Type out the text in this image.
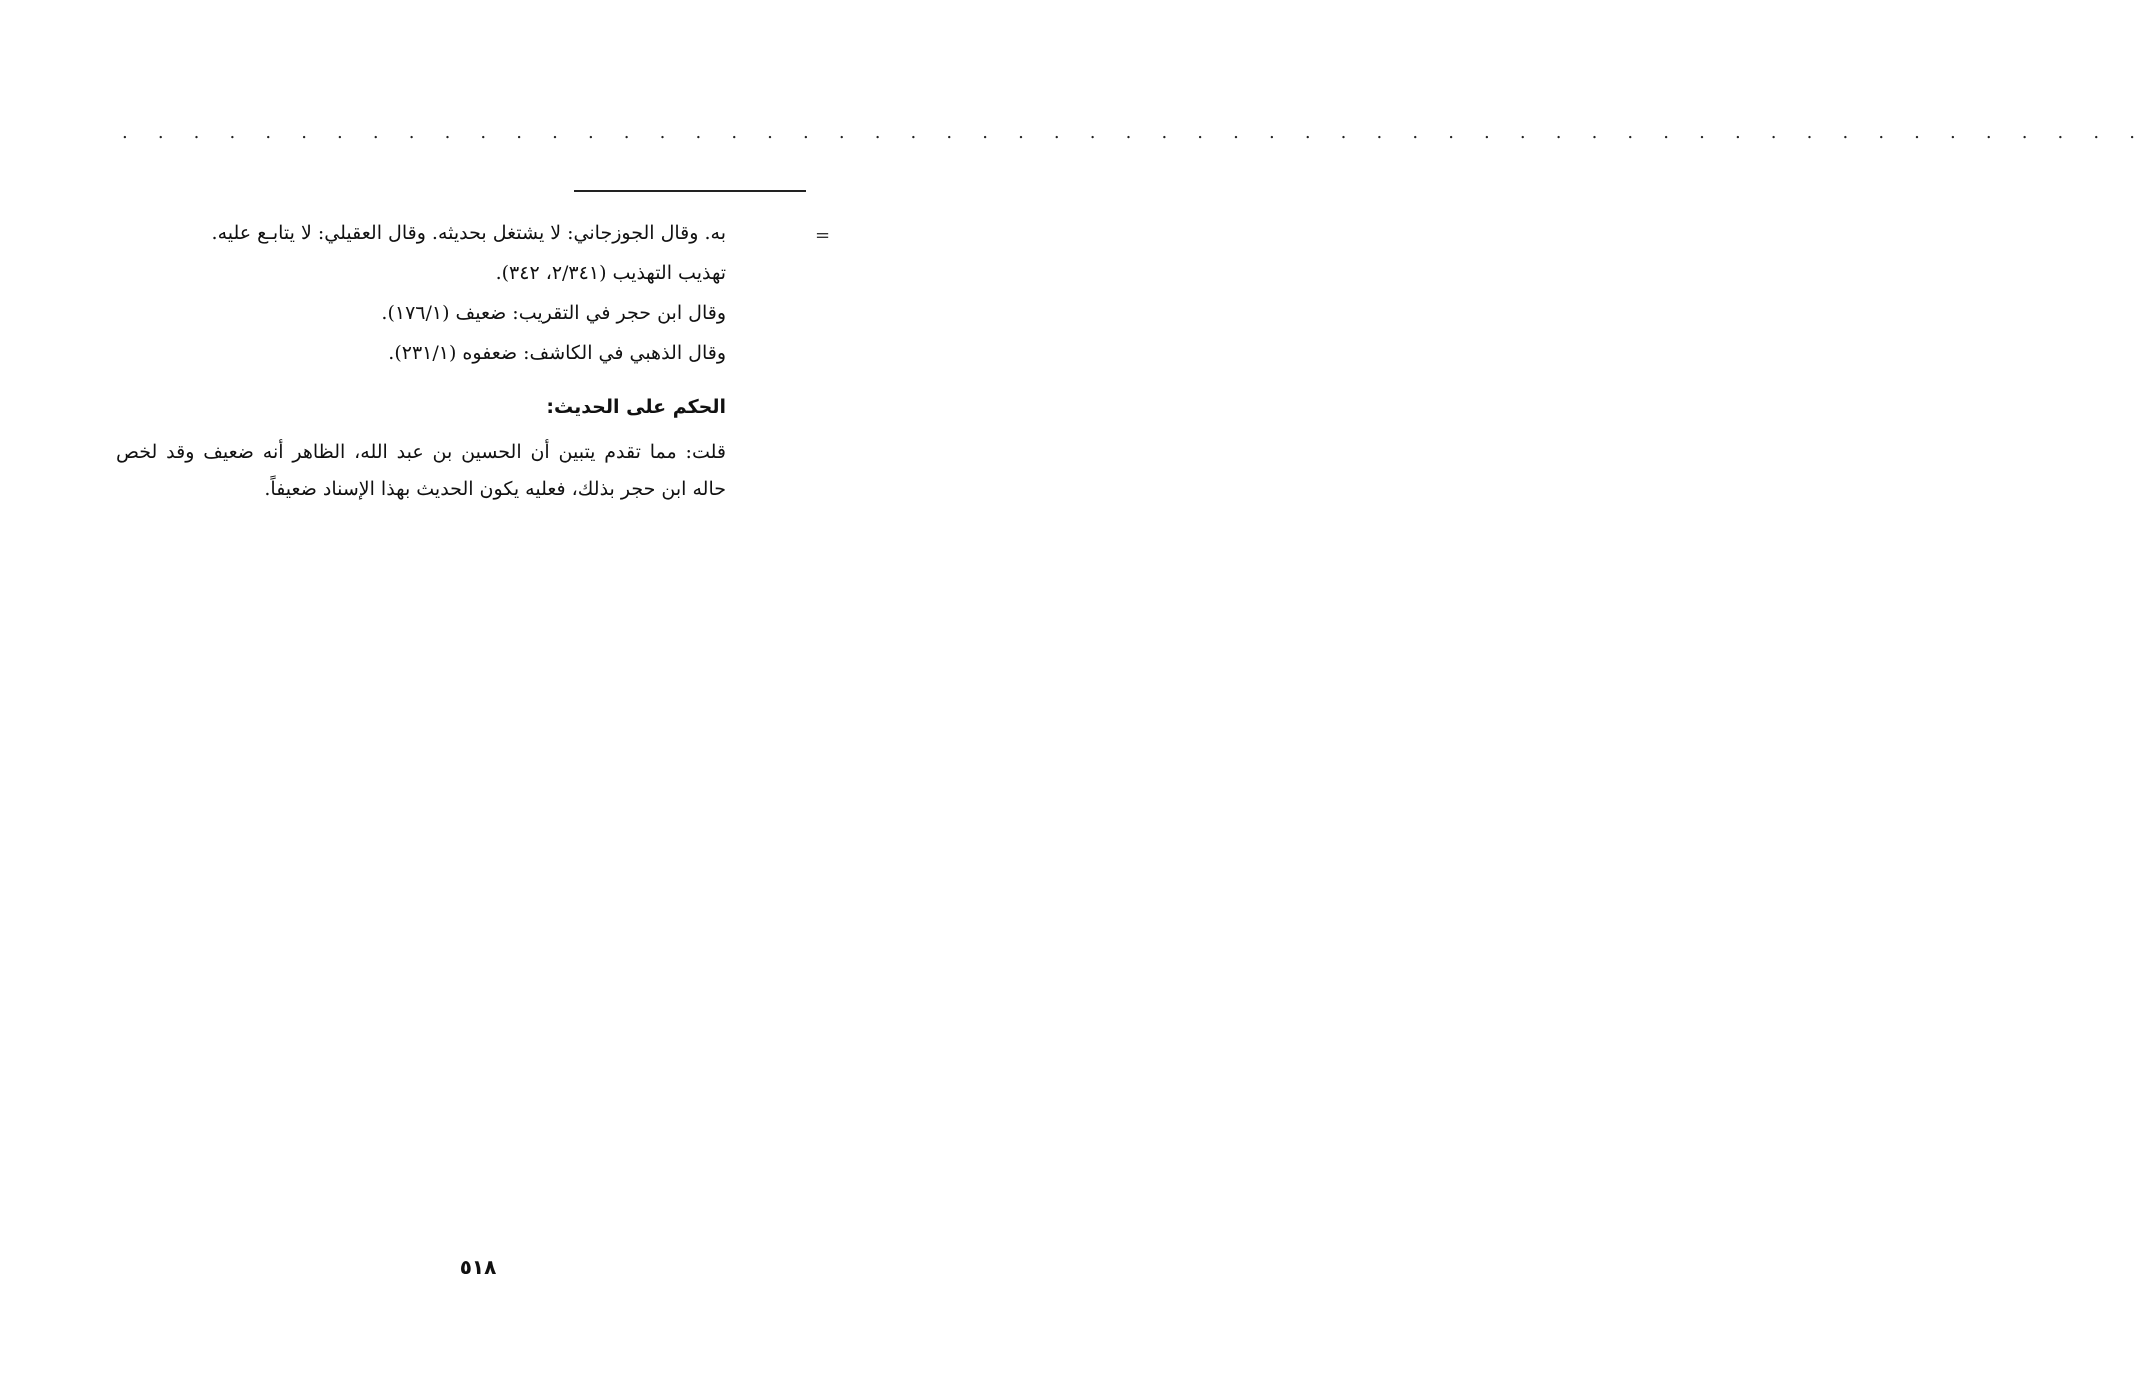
. . . . . . . . . . . . . . . . . . . . . . . . . . . . . . . . . . . . . . . . . . . . . . . . . . . . . . . . .
=
به. وقال الجوزجاني: لا يشتغل بحديثه. وقال العقيلي: لا يتابـع عليه.
تهذيب التهذيب (٢/٣٤١، ٣٤٢).
وقال ابن حجر في التقريب: ضعيف (١٧٦/١).
وقال الذهبي في الكاشف: ضعفوه (٢٣١/١).
الحكم على الحديث:
قلت: مما تقدم يتبين أن الحسين بن عبد الله، الظاهر أنه ضعيف وقد لخص حاله ابن حجر بذلك، فعليه يكون الحديث بهذا الإسناد ضعيفاً.
٥١٨
